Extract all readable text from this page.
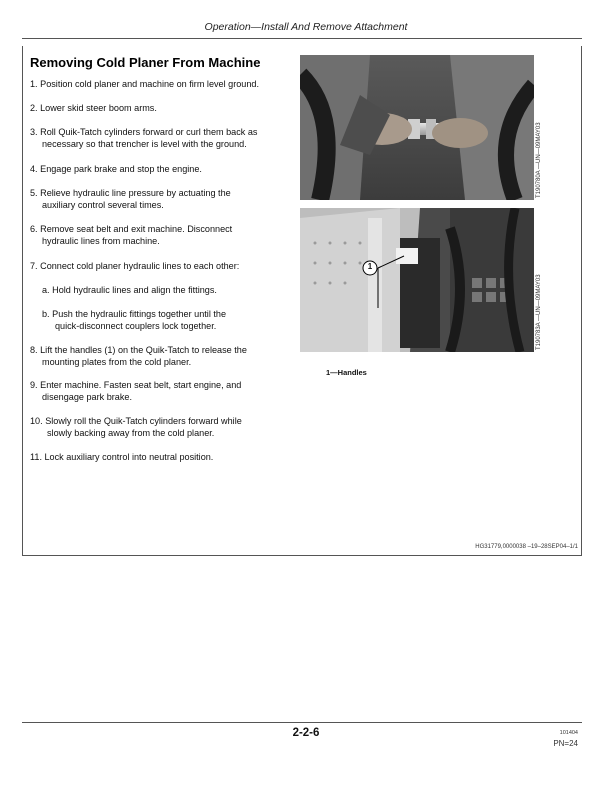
Operation—Install And Remove Attachment
Removing Cold Planer From Machine
1. Position cold planer and machine on firm level ground.
2. Lower skid steer boom arms.
3. Roll Quik-Tatch cylinders forward or curl them back as
necessary so that trencher is level with the ground.
4. Engage park brake and stop the engine.
5. Relieve hydraulic line pressure by actuating the
auxiliary control several times.
6. Remove seat belt and exit machine. Disconnect
hydraulic lines from machine.
7. Connect cold planer hydraulic lines to each other:
a. Hold hydraulic lines and align the fittings.
b. Push the hydraulic fittings together until the
quick-disconnect couplers lock together.
8. Lift the handles (1) on the Quik-Tatch to release the
mounting plates from the cold planer.
9. Enter machine. Fasten seat belt, start engine, and
disengage park brake.
10. Slowly roll the Quik-Tatch cylinders forward while
slowly backing away from the cold planer.
11. Lock auxiliary control into neutral position.
T190780A —UN—09MAY03
1
T190783A —UN—09MAY03
1—Handles
HG31779,0000038 –19–28SEP04–1/1
2-2-6	101404
PN=24
